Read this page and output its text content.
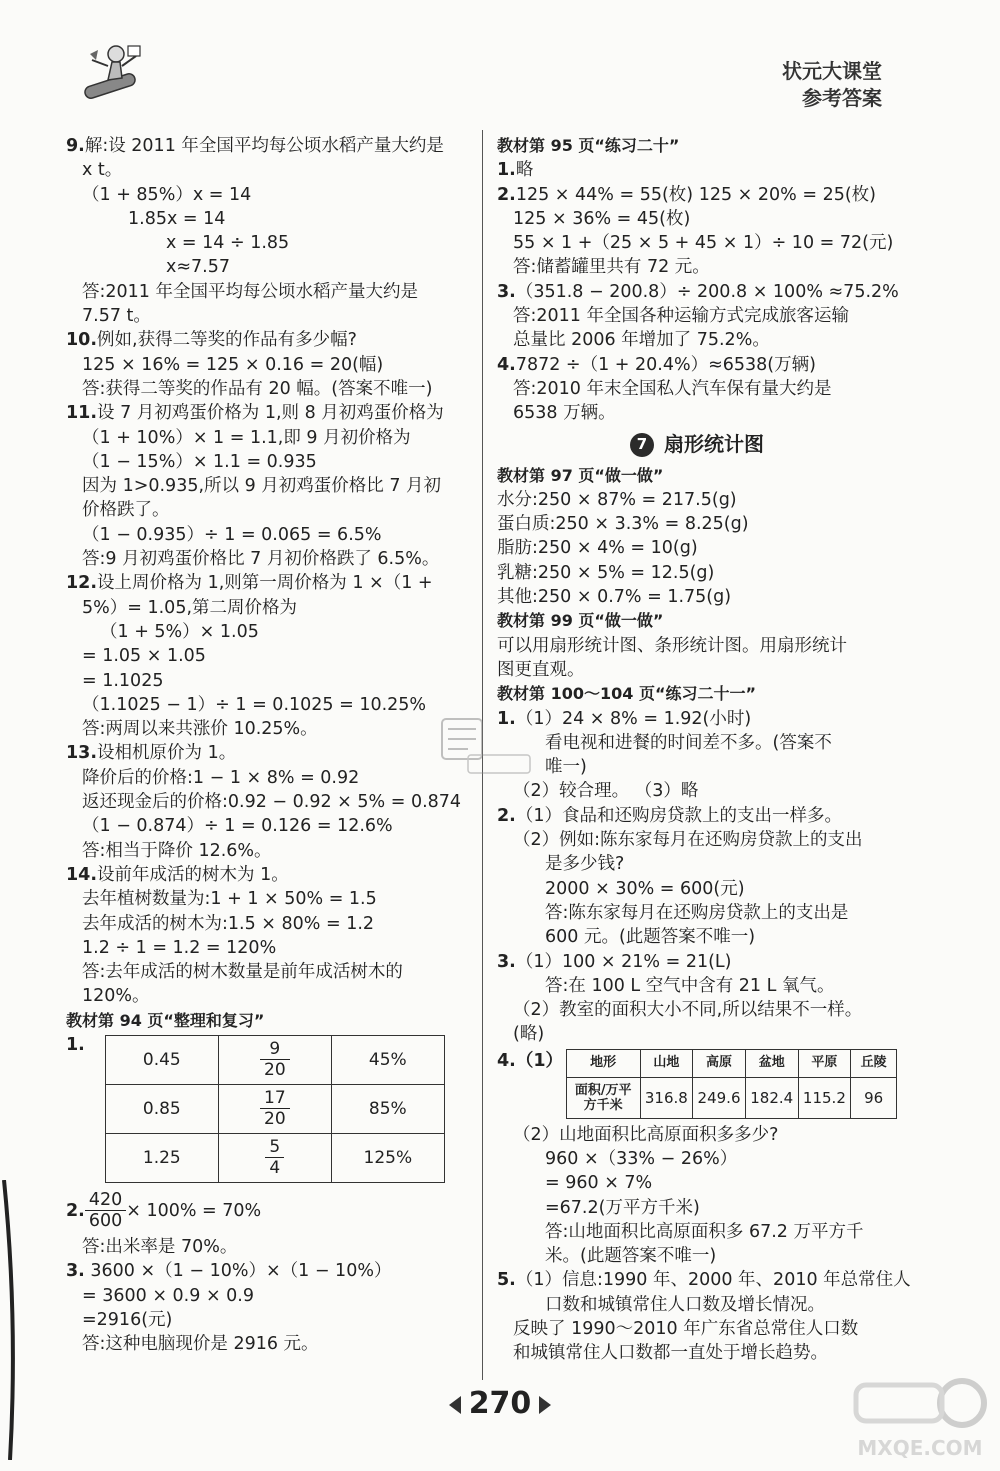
状元大课堂
参考答案
9.解:设 2011 年全国平均每公顷水稻产量大约是
x t。
（1 + 85%）x = 14
1.85x = 14
x = 14 ÷ 1.85
x≈7.57
答:2011 年全国平均每公顷水稻产量大约是
7.57 t。
10.例如,获得二等奖的作品有多少幅?
125 × 16% = 125 × 0.16 = 20(幅)
答:获得二等奖的作品有 20 幅。(答案不唯一)
11.设 7 月初鸡蛋价格为 1,则 8 月初鸡蛋价格为
（1 + 10%）× 1 = 1.1,即 9 月初价格为
（1 − 15%）× 1.1 = 0.935
因为 1>0.935,所以 9 月初鸡蛋价格比 7 月初
价格跌了。
（1 − 0.935）÷ 1 = 0.065 = 6.5%
答:9 月初鸡蛋价格比 7 月初价格跌了 6.5%。
12.设上周价格为 1,则第一周价格为 1 ×（1 +
5%）= 1.05,第二周价格为
（1 + 5%）× 1.05
= 1.05 × 1.05
= 1.1025
（1.1025 − 1）÷ 1 = 0.1025 = 10.25%
答:两周以来共涨价 10.25%。
13.设相机原价为 1。
降价后的价格:1 − 1 × 8% = 0.92
返还现金后的价格:0.92 − 0.92 × 5% = 0.874
（1 − 0.874）÷ 1 = 0.126 = 12.6%
答:相当于降价 12.6%。
14.设前年成活的树木为 1。
去年植树数量为:1 + 1 × 50% = 1.5
去年成活的树木为:1.5 × 80% = 1.2
1.2 ÷ 1 = 1.2 = 120%
答:去年成活的树木数量是前年成活树木的
120%。
教材第 94 页“整理和复习”
1.
0.45	$\frac{9}{20}$	45%
0.85	$\frac{17}{20}$	85%
1.25	$\frac{5}{4}$	125%
2. $\frac{420}{600} \times 100\% = 70\%$
答:出米率是 70%。
3. 3600 ×（1 − 10%）×（1 − 10%）
= 3600 × 0.9 × 0.9
=2916(元)
答:这种电脑现价是 2916 元。
教材第 95 页“练习二十”
1.略
2.125 × 44% = 55(枚) 125 × 20% = 25(枚)
125 × 36% = 45(枚)
55 × 1 +（25 × 5 + 45 × 1）÷ 10 = 72(元)
答:储蓄罐里共有 72 元。
3.（351.8 − 200.8）÷ 200.8 × 100% ≈75.2%
答:2011 年全国各种运输方式完成旅客运输
总量比 2006 年增加了 75.2%。
4.7872 ÷（1 + 20.4%）≈6538(万辆)
答:2010 年末全国私人汽车保有量大约是
6538 万辆。
7 扇形统计图
教材第 97 页“做一做”
水分:250 × 87% = 217.5(g)
蛋白质:250 × 3.3% = 8.25(g)
脂肪:250 × 4% = 10(g)
乳糖:250 × 5% = 12.5(g)
其他:250 × 0.7% = 1.75(g)
教材第 99 页“做一做”
可以用扇形统计图、条形统计图。用扇形统计
图更直观。
教材第 100～104 页“练习二十一”
1.（1）24 × 8% = 1.92(小时)
看电视和进餐的时间差不多。(答案不
唯一)
（2）较合理。 （3）略
2.（1）食品和还购房贷款上的支出一样多。
（2）例如:陈东家每月在还购房贷款上的支出
是多少钱?
2000 × 30% = 600(元)
答:陈东家每月在还购房贷款上的支出是
600 元。(此题答案不唯一)
3.（1）100 × 21% = 21(L)
答:在 100 L 空气中含有 21 L 氧气。
（2）教室的面积大小不同,所以结果不一样。
(略)
4.（1） 地形	山地	高原	盆地	平原	丘陵

面积/万平
方千米	316.8	249.6	182.4	115.2	96
（2）山地面积比高原面积多多少?
960 ×（33% − 26%）
= 960 × 7%
=67.2(万平方千米)
答:山地面积比高原面积多 67.2 万平方千
米。(此题答案不唯一)
5.（1）信息:1990 年、2000 年、2010 年总常住人
口数和城镇常住人口数及增长情况。
反映了 1990～2010 年广东省总常住人口数
和城镇常住人口数都一直处于增长趋势。
270
MXQE.COM
